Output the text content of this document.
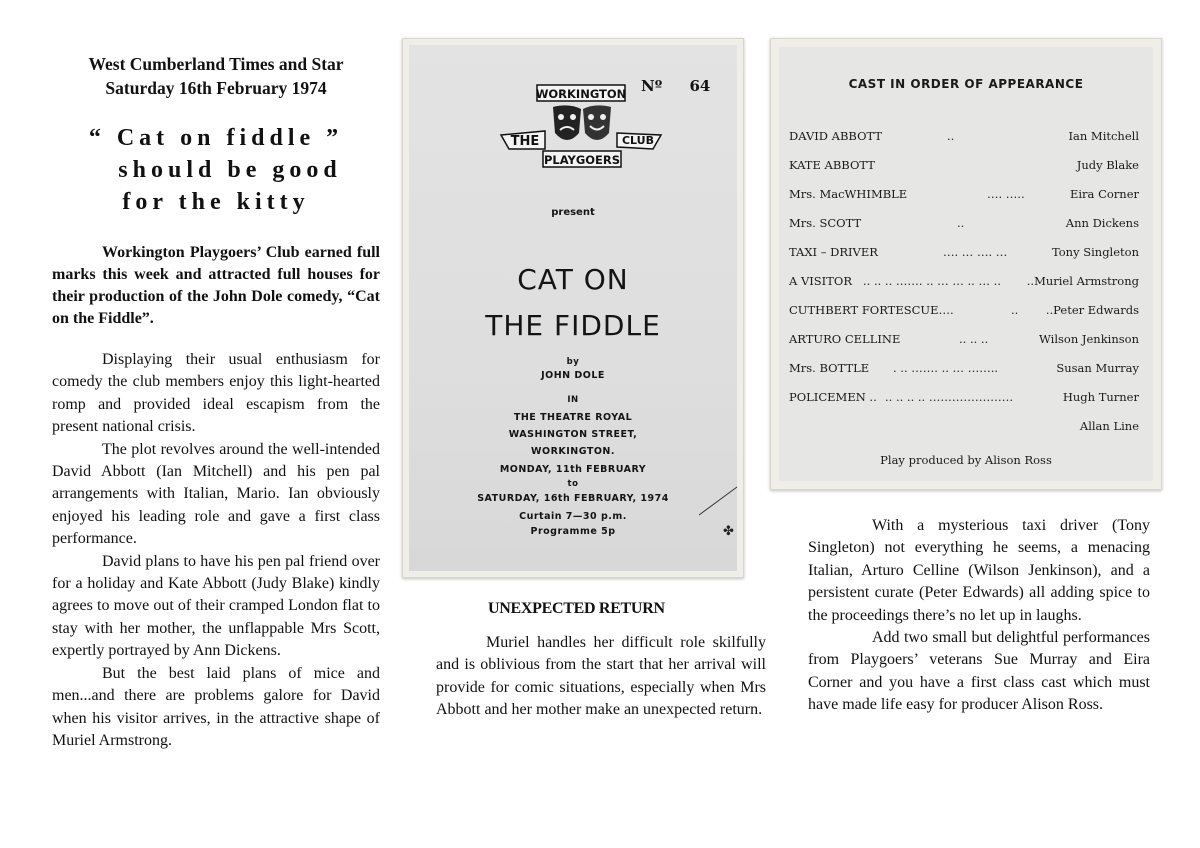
West Cumberland Times and Star
Saturday 16th February 1974
“ Cat on fiddle ”
should be good
for the kitty

Workington Playgoers’ Club earned full marks this week and attracted full houses for their production of the John Dole comedy, “Cat on the Fiddle”.

Displaying their usual enthusiasm for comedy the club members enjoy this light-hearted romp and provided ideal escapism from the present national crisis.

The plot revolves around the well-intended David Abbott (Ian Mitchell) and his pen pal arrangements with Italian, Mario. Ian obviously enjoyed his leading role and gave a first class performance.

David plans to have his pen pal friend over for a holiday and Kate Abbott (Judy Blake) kindly agrees to move out of their cramped London flat to stay with her mother, the unflappable Mrs Scott, expertly portrayed by Ann Dickens.

But the best laid plans of mice and men...and there are problems galore for David when his visitor arrives, in the attractive shape of Muriel Armstrong.

WORKINGTON
THE	CLUB
PLAYGOERS
Nº 64
present
CAT ON
THE FIDDLE
by
JOHN DOLE
IN
THE THEATRE ROYAL
WASHINGTON STREET,
WORKINGTON.
MONDAY, 11th FEBRUARY
to
SATURDAY, 16th FEBRUARY, 1974
Curtain 7—30 p.m.
Programme 5p	✤
CAST IN ORDER OF APPEARANCE
DAVID ABBOTT	..	Ian Mitchell
KATE ABBOTT	Judy Blake
Mrs. MacWHIMBLE	…. …..	Eira Corner
Mrs. SCOTT	..	Ann Dickens
TAXI – DRIVER	…. … …. …	Tony Singleton
A VISITOR .. .. .. ……. .. … … .. … .. ..Muriel Armstrong
CUTHBERT FORTESCUE….	.. ..Peter Edwards
ARTURO CELLINE	.. .. ..	Wilson Jenkinson
Mrs. BOTTLE . .. ……. .. … ……..	Susan Murray
POLICEMEN .. .. .. .. .. ………………….	Hugh Turner
Allan Line
Play produced by Alison Ross
UNEXPECTED RETURN

Muriel handles her difficult role skilfully and is oblivious from the start that her arrival will provide for comic situations, especially when Mrs Abbott and her mother make an unexpected return.

With a mysterious taxi driver (Tony Singleton) not everything he seems, a menacing Italian, Arturo Celline (Wilson Jenkinson), and a persistent curate (Peter Edwards) all adding spice to the proceedings there’s no let up in laughs.

Add two small but delightful performances from Playgoers’ veterans Sue Murray and Eira Corner and you have a first class cast which must have made life easy for producer Alison Ross.
